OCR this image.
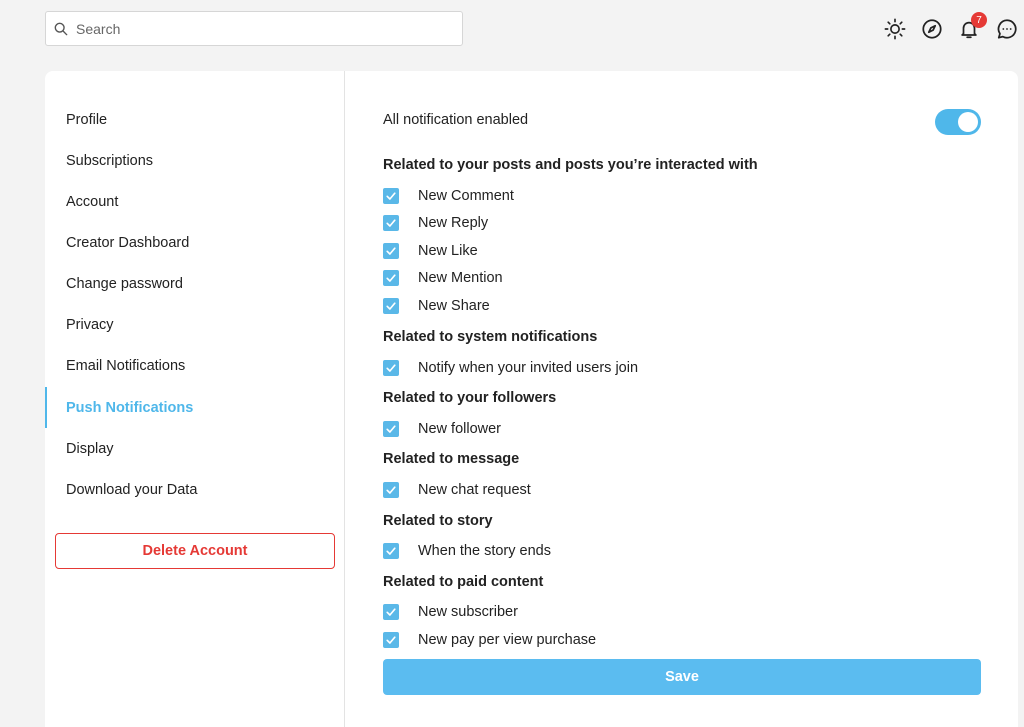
Search
7
Profile
Subscriptions
Account
Creator Dashboard
Change password
Privacy
Email Notifications
Push Notifications
Display
Download your Data
Delete Account
All notification enabled
Related to your posts and posts you’re interacted with
New Comment
New Reply
New Like
New Mention
New Share
Related to system notifications
Notify when your invited users join
Related to your followers
New follower
Related to message
New chat request
Related to story
When the story ends
Related to paid content
New subscriber
New pay per view purchase
Save
